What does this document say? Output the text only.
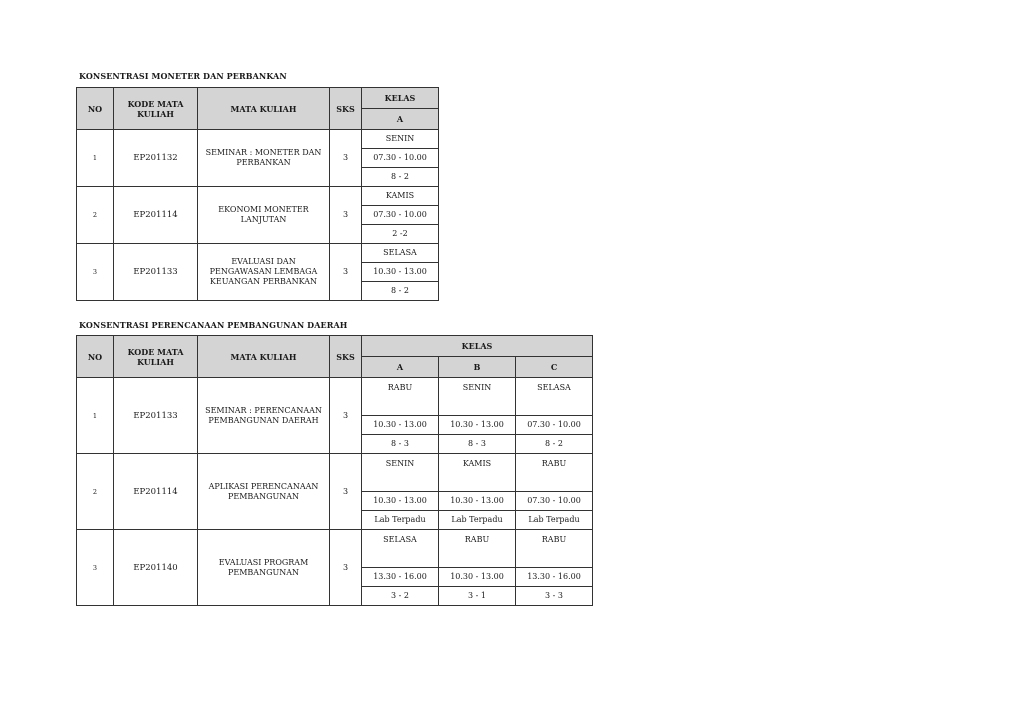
KONSENTRASI MONETER DAN PERBANKAN
NO	KODE MATA KULIAH	MATA KULIAH	SKS	KELAS
				A
1	EP201132	SEMINAR : MONETER DAN PERBANKAN	3	SENIN
				07.30 - 10.00
				8 - 2
2	EP201114	EKONOMI MONETER LANJUTAN	3	KAMIS
				07.30 - 10.00
				2 -2
3	EP201133	EVALUASI DAN PENGAWASAN LEMBAGA KEUANGAN PERBANKAN	3	SELASA
				10.30 - 13.00
				8 - 2
KONSENTRASI PERENCANAAN PEMBANGUNAN DAERAH
NO	KODE MATA KULIAH	MATA KULIAH	SKS	KELAS		
				A	B	C
1	EP201133	SEMINAR : PERENCANAAN PEMBANGUNAN DAERAH	3	RABU	SENIN	SELASA
				10.30 - 13.00	10.30 - 13.00	07.30 - 10.00
				8 - 3	8 - 3	8 - 2
2	EP201114	APLIKASI PERENCANAAN PEMBANGUNAN	3	SENIN	KAMIS	RABU
				10.30 - 13.00	10.30 - 13.00	07.30 - 10.00
				Lab Terpadu	Lab Terpadu	Lab Terpadu
3	EP201140	EVALUASI PROGRAM PEMBANGUNAN	3	SELASA	RABU	RABU
				13.30 - 16.00	10.30 - 13.00	13.30 - 16.00
				3 - 2	3 - 1	3 - 3
